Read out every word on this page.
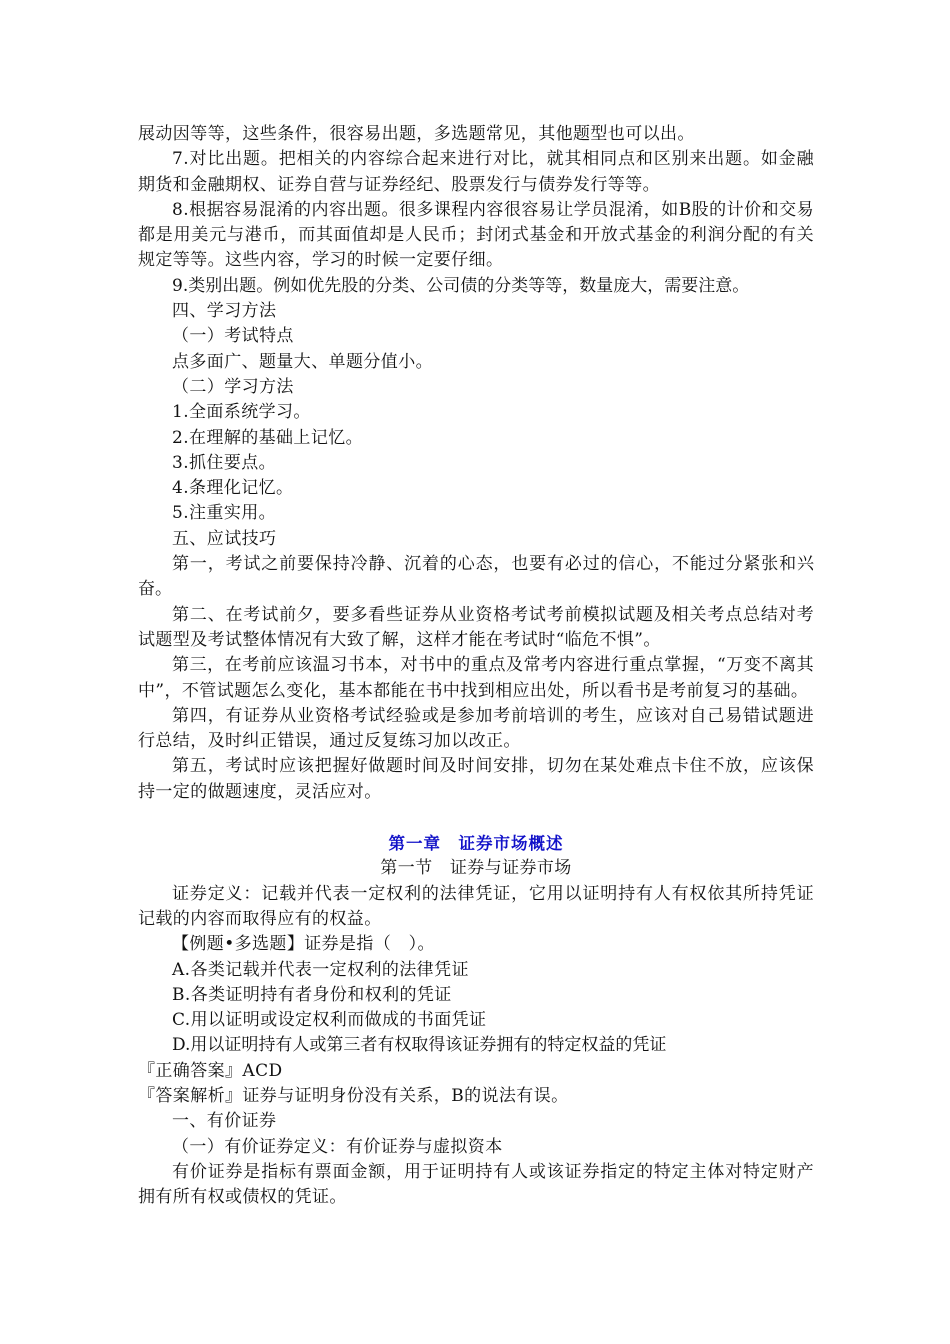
展动因等等，这些条件，很容易出题，多选题常见，其他题型也可以出。

7.对比出题。把相关的内容综合起来进行对比，就其相同点和区别来出题。如金融期货和金融期权、证券自营与证券经纪、股票发行与债券发行等等。

8.根据容易混淆的内容出题。很多课程内容很容易让学员混淆，如B股的计价和交易都是用美元与港币，而其面值却是人民币；封闭式基金和开放式基金的利润分配的有关规定等等。这些内容，学习的时候一定要仔细。

9.类别出题。例如优先股的分类、公司债的分类等等，数量庞大，需要注意。

四、学习方法

（一）考试特点

点多面广、题量大、单题分值小。

（二）学习方法

1.全面系统学习。

2.在理解的基础上记忆。

3.抓住要点。

4.条理化记忆。

5.注重实用。

五、应试技巧

第一，考试之前要保持冷静、沉着的心态，也要有必过的信心，不能过分紧张和兴奋。

第二、在考试前夕，要多看些证券从业资格考试考前模拟试题及相关考点总结对考试题型及考试整体情况有大致了解，这样才能在考试时“临危不惧”。

第三，在考前应该温习书本，对书中的重点及常考内容进行重点掌握，“万变不离其中”，不管试题怎么变化，基本都能在书中找到相应出处，所以看书是考前复习的基础。

第四，有证券从业资格考试经验或是参加考前培训的考生，应该对自己易错试题进行总结，及时纠正错误，通过反复练习加以改正。

第五，考试时应该把握好做题时间及时间安排，切勿在某处难点卡住不放，应该保持一定的做题速度，灵活应对。

第一章　证券市场概述

第一节　证券与证券市场

证券定义：记载并代表一定权利的法律凭证，它用以证明持有人有权依其所持凭证记载的内容而取得应有的权益。

【例题•多选题】证券是指（　）。

A.各类记载并代表一定权利的法律凭证

B.各类证明持有者身份和权利的凭证

C.用以证明或设定权利而做成的书面凭证

D.用以证明持有人或第三者有权取得该证券拥有的特定权益的凭证

『正确答案』ACD

『答案解析』证券与证明身份没有关系，B的说法有误。

一、有价证券

（一）有价证券定义：有价证券与虚拟资本

有价证券是指标有票面金额，用于证明持有人或该证券指定的特定主体对特定财产拥有所有权或债权的凭证。
